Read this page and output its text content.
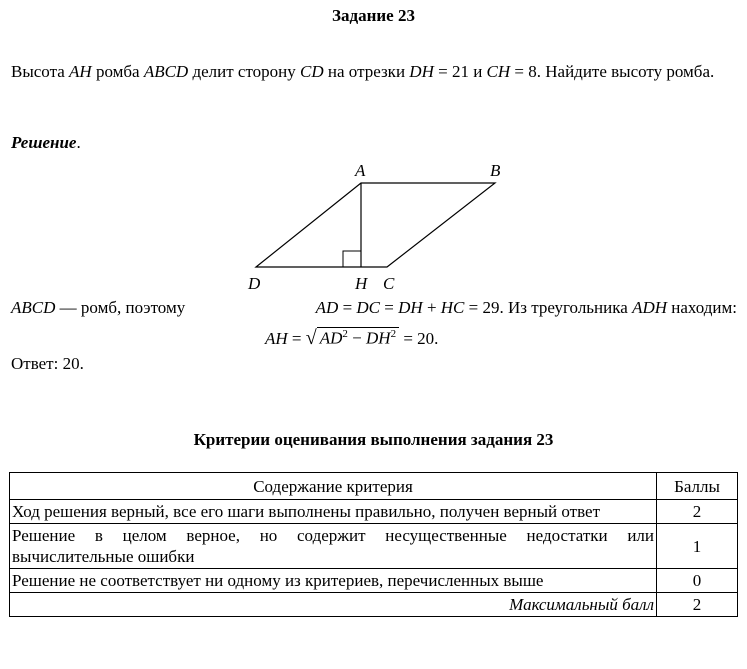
Задание 23
Высота AH ромба ABCD делит сторону CD на отрезки DH = 21 и CH = 8. Найдите высоту ромба.
Решение.
A	B
D	H C
ABCD — ромб, поэтому	AD = DC = DH + HC = 29. Из треугольника ADH находим:
AH = √ $AD^2 - DH^2 = 20$.
Ответ: 20.
Критерии оценивания выполнения задания 23
Содержание критерия	Баллы
Ход решения верный, все его шаги выполнены правильно, получен верный ответ	2
Решение в целом верное, но содержит несущественные недостатки или вычислительные ошибки	1
Решение не соответствует ни одному из критериев, перечисленных выше	0
Максимальный балл	2
